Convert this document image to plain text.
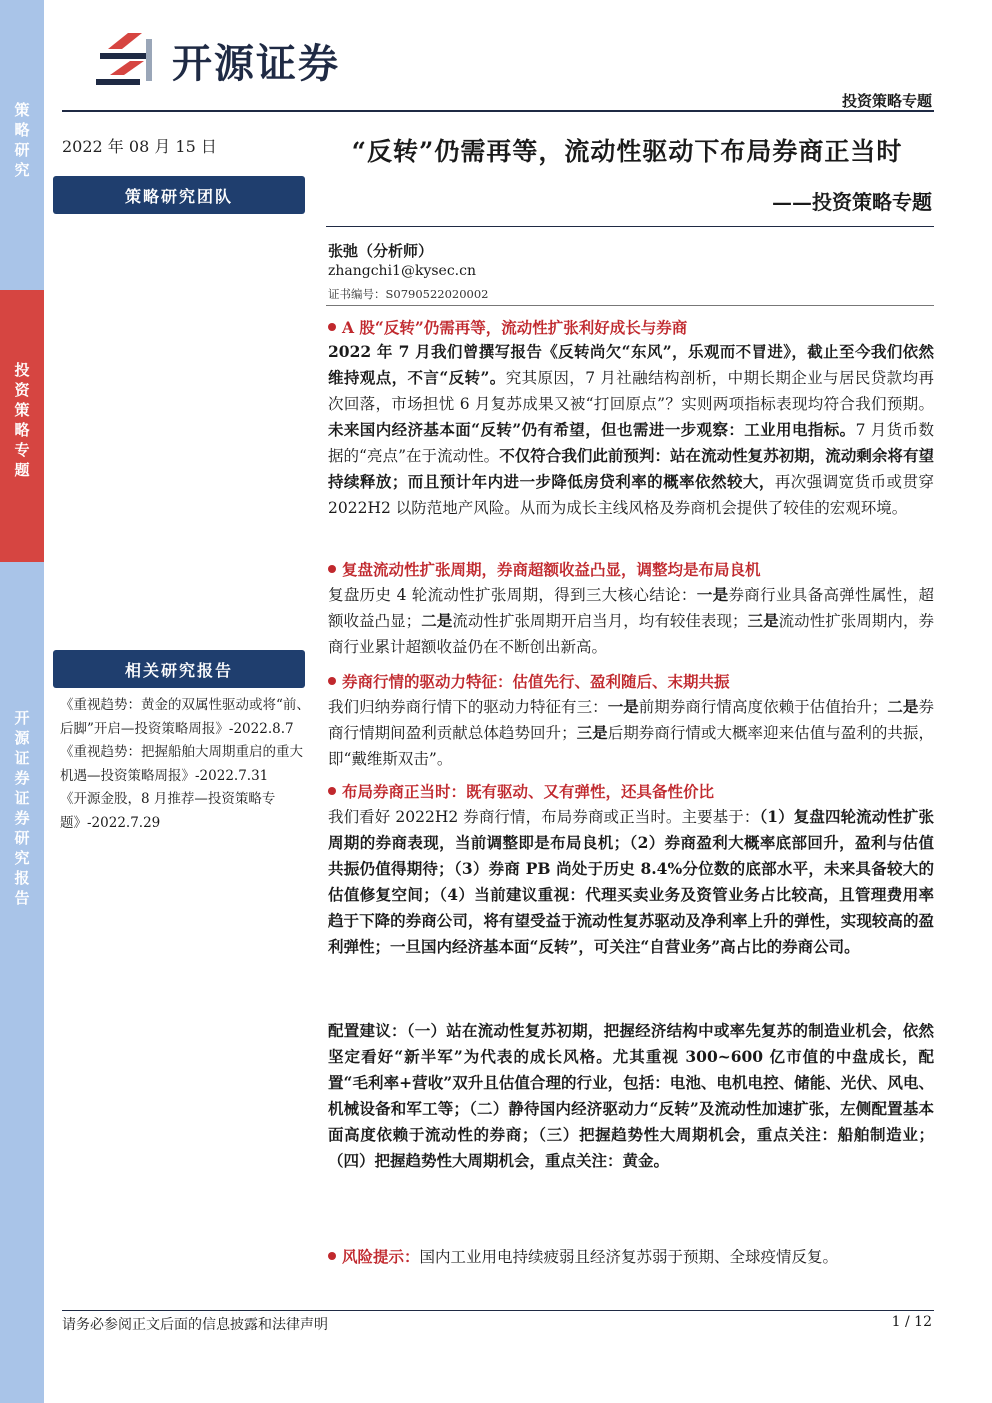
策略研究
投资策略专题
开源证券证券研究报告
开源证券
投资策略专题
2022 年 08 月 15 日
策略研究团队
相关研究报告
《重视趋势：黄金的双属性驱动或将“前、后脚”开启—投资策略周报》-2022.8.7
《重视趋势：把握船舶大周期重启的重大机遇—投资策略周报》-2022.7.31
《开源金股，8 月推荐—投资策略专题》-2022.7.29
“反转”仍需再等，流动性驱动下布局券商正当时
——投资策略专题
张弛（分析师）
zhangchi1@kysec.cn
证书编号：S0790522020002
A 股“反转”仍需再等，流动性扩张利好成长与券商
2022 年 7 月我们曾撰写报告《反转尚欠“东风”，乐观而不冒进》，截止至今我们依然维持观点，不言“反转”。究其原因，7 月社融结构剖析，中期长期企业与居民贷款均再次回落，市场担忧 6 月复苏成果又被“打回原点”？实则两项指标表现均符合我们预期。未来国内经济基本面“反转”仍有希望，但也需进一步观察：工业用电指标。7 月货币数据的“亮点”在于流动性。不仅符合我们此前预判：站在流动性复苏初期，流动剩余将有望持续释放；而且预计年内进一步降低房贷利率的概率依然较大，再次强调宽货币或贯穿 2022H2 以防范地产风险。从而为成长主线风格及券商机会提供了较佳的宏观环境。
复盘流动性扩张周期，券商超额收益凸显，调整均是布局良机
复盘历史 4 轮流动性扩张周期，得到三大核心结论：一是券商行业具备高弹性属性，超额收益凸显；二是流动性扩张周期开启当月，均有较佳表现；三是流动性扩张周期内，券商行业累计超额收益仍在不断创出新高。
券商行情的驱动力特征：估值先行、盈利随后、末期共振
我们归纳券商行情下的驱动力特征有三：一是前期券商行情高度依赖于估值抬升；二是券商行情期间盈利贡献总体趋势回升；三是后期券商行情或大概率迎来估值与盈利的共振，即“戴维斯双击”。
布局券商正当时：既有驱动、又有弹性，还具备性价比
我们看好 2022H2 券商行情，布局券商或正当时。主要基于：（1）复盘四轮流动性扩张周期的券商表现，当前调整即是布局良机；（2）券商盈利大概率底部回升，盈利与估值共振仍值得期待；（3）券商 PB 尚处于历史 8.4%分位数的底部水平，未来具备较大的估值修复空间；（4）当前建议重视：代理买卖业务及资管业务占比较高，且管理费用率趋于下降的券商公司，将有望受益于流动性复苏驱动及净利率上升的弹性，实现较高的盈利弹性；一旦国内经济基本面“反转”，可关注“自营业务”高占比的券商公司。
配置建议：（一）站在流动性复苏初期，把握经济结构中或率先复苏的制造业机会，依然坚定看好“新半军”为代表的成长风格。尤其重视 300~600 亿市值的中盘成长，配置“毛利率+营收”双升且估值合理的行业，包括：电池、电机电控、储能、光伏、风电、机械设备和军工等；（二）静待国内经济驱动力“反转”及流动性加速扩张，左侧配置基本面高度依赖于流动性的券商；（三）把握趋势性大周期机会，重点关注：船舶制造业；（四）把握趋势性大周期机会，重点关注：黄金。
风险提示：国内工业用电持续疲弱且经济复苏弱于预期、全球疫情反复。
请务必参阅正文后面的信息披露和法律声明	1 / 12
